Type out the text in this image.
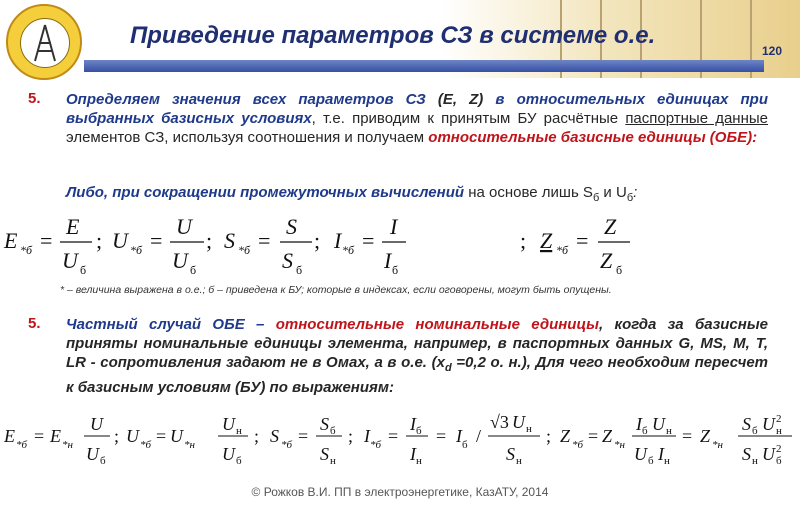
Приведение параметров СЗ в системе о.е.
120
5. Определяем значения всех параметров СЗ (E, Z) в относительных единицах при выбранных базисных условиях, т.е. приводим к принятым БУ расчётные паспортные данные элементов СЗ, используя соотношения и получаем относительные базисные единицы (ОБЕ):
Либо, при сокращении промежуточных вычислений на основе лишь $S_б$ и $U_б$:
E *б =
E
U б
; U *б =
U
U б
; S *б =
S
S б
; I *б =
I
I б
; Z *б =
Z
Z б
* – величина выражена в о.е.; б – приведена к БУ; которые в индексах, если оговорены, могут быть опущены.
5. Частный случай ОБЕ – относительные номинальные единицы, когда за базисные приняты номинальные единицы элемента, например, в паспортных данных G, MS, M, T, LR - сопротивления задают не в Омах, а в о.е. ($x_d =0,2$ о. н.), Для чего необходим пересчет к базисным условиям (БУ) по выражениям:
E *б = E *н
U
U б
; U *б = U *н
U н
U б
; S *б =
S б
S н
; I *б =
I б
I н
= I б /
√3 U н
S н
; Z *б = Z *н
I б U н
U б I н
= Z *н
S б U н
2
S н U б
2
© Рожков В.И. ПП в электроэнергетике, КазАТУ, 2014
